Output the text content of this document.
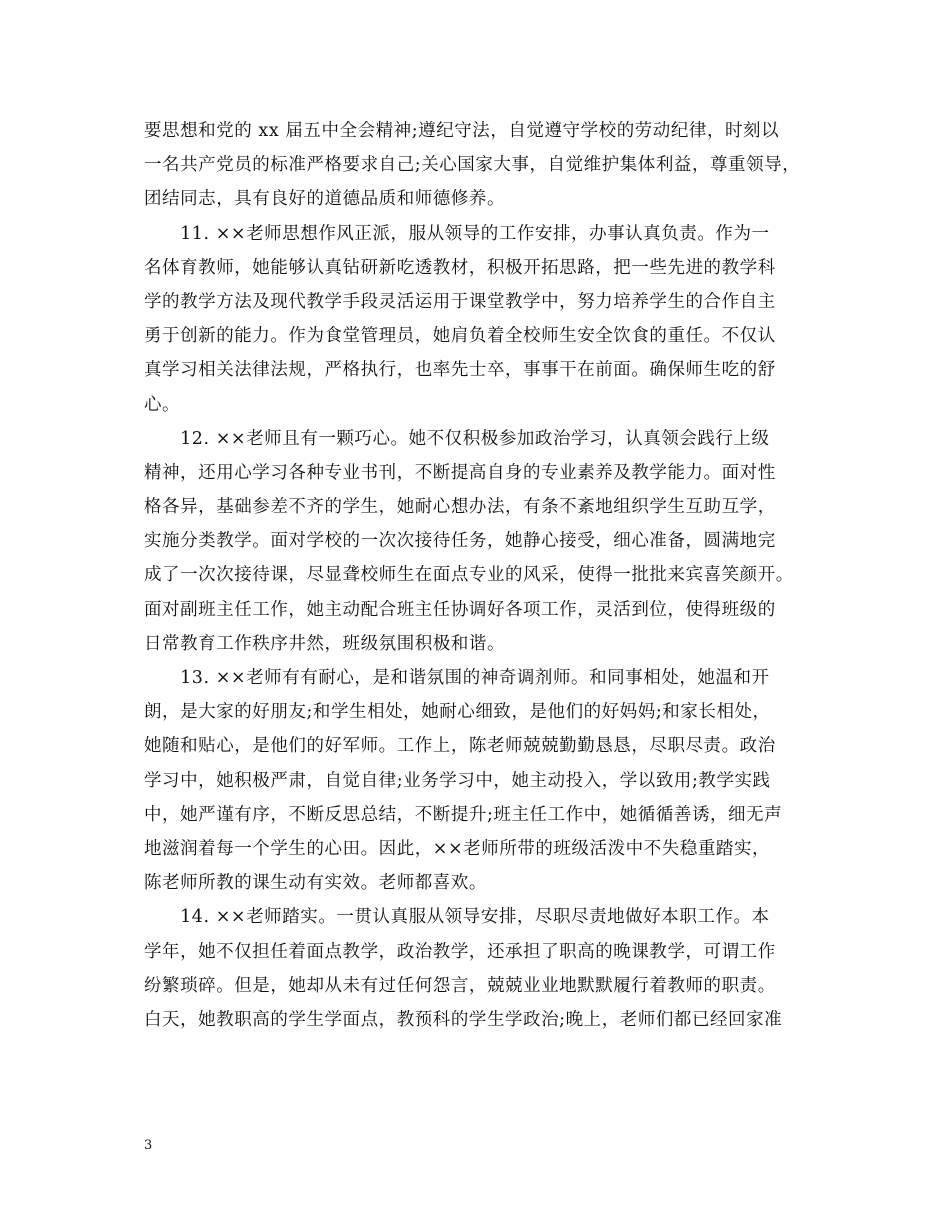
要思想和党的 xx 届五中全会精神;遵纪守法，自觉遵守学校的劳动纪律，时刻以
一名共产党员的标准严格要求自己;关心国家大事，自觉维护集体利益，尊重领导，
团结同志，具有良好的道德品质和师德修养。
　　11. ××老师思想作风正派，服从领导的工作安排，办事认真负责。作为一
名体育教师，她能够认真钻研新吃透教材，积极开拓思路，把一些先进的教学科
学的教学方法及现代教学手段灵活运用于课堂教学中，努力培养学生的合作自主
勇于创新的能力。作为食堂管理员，她肩负着全校师生安全饮食的重任。不仅认
真学习相关法律法规，严格执行，也率先士卒，事事干在前面。确保师生吃的舒
心。
　　12. ××老师且有一颗巧心。她不仅积极参加政治学习，认真领会践行上级
精神，还用心学习各种专业书刊，不断提高自身的专业素养及教学能力。面对性
格各异，基础参差不齐的学生，她耐心想办法，有条不紊地组织学生互助互学，
实施分类教学。面对学校的一次次接待任务，她静心接受，细心准备，圆满地完
成了一次次接待课，尽显聋校师生在面点专业的风采，使得一批批来宾喜笑颜开。
面对副班主任工作，她主动配合班主任协调好各项工作，灵活到位，使得班级的
日常教育工作秩序井然，班级氛围积极和谐。
　　13. ××老师有有耐心，是和谐氛围的神奇调剂师。和同事相处，她温和开
朗，是大家的好朋友;和学生相处，她耐心细致，是他们的好妈妈;和家长相处，
她随和贴心，是他们的好军师。工作上，陈老师兢兢勤勤恳恳，尽职尽责。政治
学习中，她积极严肃，自觉自律;业务学习中，她主动投入，学以致用;教学实践
中，她严谨有序，不断反思总结，不断提升;班主任工作中，她循循善诱，细无声
地滋润着每一个学生的心田。因此，××老师所带的班级活泼中不失稳重踏实，
陈老师所教的课生动有实效。老师都喜欢。
　　14. ××老师踏实。一贯认真服从领导安排，尽职尽责地做好本职工作。本
学年，她不仅担任着面点教学，政治教学，还承担了职高的晚课教学，可谓工作
纷繁琐碎。但是，她却从未有过任何怨言，兢兢业业地默默履行着教师的职责。
白天，她教职高的学生学面点，教预科的学生学政治;晚上，老师们都已经回家准
3
